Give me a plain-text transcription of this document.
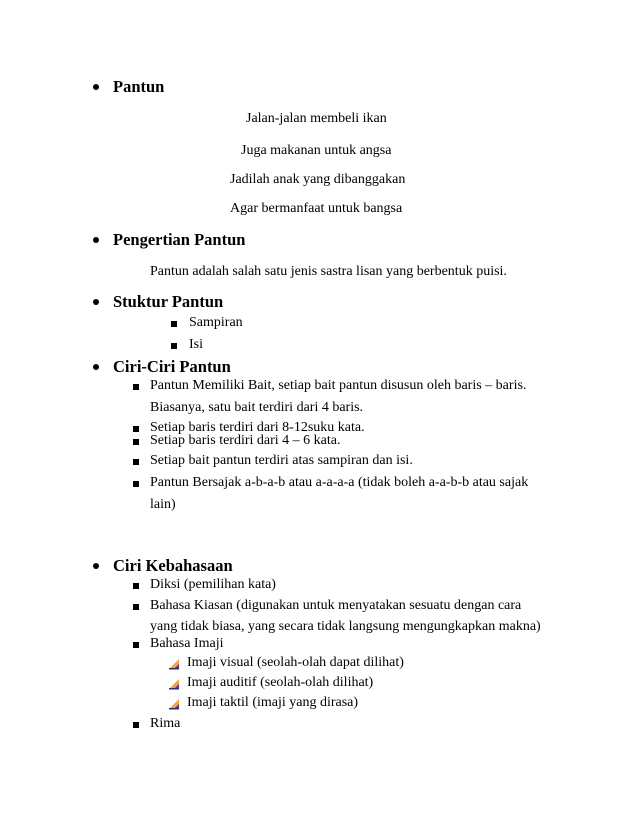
Pantun
Jalan-jalan membeli ikan
Juga makanan untuk angsa
Jadilah anak yang dibanggakan
Agar bermanfaat untuk bangsa
Pengertian Pantun
Pantun adalah salah satu jenis sastra lisan yang berbentuk puisi.
Stuktur Pantun
Sampiran
Isi
Ciri-Ciri Pantun
Pantun Memiliki Bait, setiap bait pantun disusun oleh baris – baris.
Biasanya, satu bait terdiri dari 4 baris.
Setiap baris terdiri dari 8-12suku kata.
Setiap baris terdiri dari 4 – 6 kata.
Setiap bait pantun terdiri atas sampiran dan isi.
Pantun Bersajak a-b-a-b atau a-a-a-a (tidak boleh a-a-b-b atau sajak
lain)
Ciri Kebahasaan
Diksi (pemilihan kata)
Bahasa Kiasan (digunakan untuk menyatakan sesuatu dengan cara
yang tidak biasa, yang secara tidak langsung mengungkapkan makna)
Bahasa Imaji
Imaji visual (seolah-olah dapat dilihat)
Imaji auditif (seolah-olah dilihat)
Imaji taktil (imaji yang dirasa)
Rima
